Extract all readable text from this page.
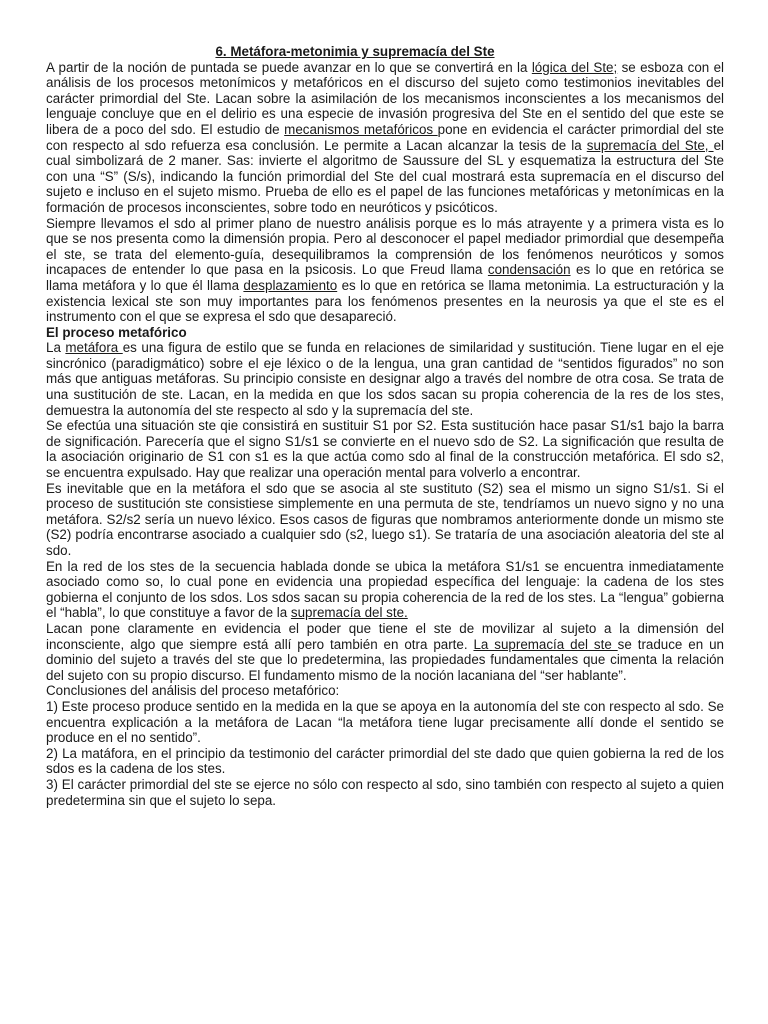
6. Metáfora-metonimia y supremacía del Ste

A partir de la noción de puntada se puede avanzar en lo que se convertirá en la lógica del Ste; se esboza con el análisis de los procesos metonímicos y metafóricos en el discurso del sujeto como testimonios inevitables del carácter primordial del Ste. Lacan sobre la asimilación de los mecanismos inconscientes a los mecanismos del lenguaje concluye que en el delirio es una especie de invasión progresiva del Ste en el sentido del que este se libera de a poco del sdo. El estudio de mecanismos metafóricos pone en evidencia el carácter primordial del ste con respecto al sdo refuerza esa conclusión. Le permite a Lacan alcanzar la tesis de la supremacía del Ste, el cual simbolizará de 2 maner. Sas: invierte el algoritmo de Saussure del SL y esquematiza la estructura del Ste con una “S” (S/s), indicando la función primordial del Ste del cual mostrará esta supremacía en el discurso del sujeto e incluso en el sujeto mismo. Prueba de ello es el papel de las funciones metafóricas y metonímicas en la formación de procesos inconscientes, sobre todo en neuróticos y psicóticos.

Siempre llevamos el sdo al primer plano de nuestro análisis porque es lo más atrayente y a primera vista es lo que se nos presenta como la dimensión propia. Pero al desconocer el papel mediador primordial que desempeña el ste, se trata del elemento-guía, desequilibramos la comprensión de los fenómenos neuróticos y somos incapaces de entender lo que pasa en la psicosis. Lo que Freud llama condensación es lo que en retórica se llama metáfora y lo que él llama desplazamiento es lo que en retórica se llama metonimia. La estructuración y la existencia lexical ste son muy importantes para los fenómenos presentes en la neurosis ya que el ste es el instrumento con el que se expresa el sdo que desapareció.

El proceso metafórico

La metáfora es una figura de estilo que se funda en relaciones de similaridad y sustitución. Tiene lugar en el eje sincrónico (paradigmático) sobre el eje léxico o de la lengua, una gran cantidad de “sentidos figurados” no son más que antiguas metáforas. Su principio consiste en designar algo a través del nombre de otra cosa. Se trata de una sustitución de ste. Lacan, en la medida en que los sdos sacan su propia coherencia de la res de los stes, demuestra la autonomía del ste respecto al sdo y la supremacía del ste.

Se efectúa una situación ste qie consistirá en sustituir S1 por S2. Esta sustitución hace pasar S1/s1 bajo la barra de significación. Parecería que el signo S1/s1 se convierte en el nuevo sdo de S2. La significación que resulta de la asociación originario de S1 con s1 es la que actúa como sdo al final de la construcción metafórica. El sdo s2, se encuentra expulsado. Hay que realizar una operación mental para volverlo a encontrar.

Es inevitable que en la metáfora el sdo que se asocia al ste sustituto (S2) sea el mismo un signo S1/s1. Si el proceso de sustitución ste consistiese simplemente en una permuta de ste, tendríamos un nuevo signo y no una metáfora. S2/s2 sería un nuevo léxico. Esos casos de figuras que nombramos anteriormente donde un mismo ste (S2) podría encontrarse asociado a cualquier sdo (s2, luego s1). Se trataría de una asociación aleatoria del ste al sdo.

En la red de los stes de la secuencia hablada donde se ubica la metáfora S1/s1 se encuentra inmediatamente asociado como so, lo cual pone en evidencia una propiedad específica del lenguaje: la cadena de los stes gobierna el conjunto de los sdos. Los sdos sacan su propia coherencia de la red de los stes. La “lengua” gobierna el “habla”, lo que constituye a favor de la supremacía del ste.

Lacan pone claramente en evidencia el poder que tiene el ste de movilizar al sujeto a la dimensión del inconsciente, algo que siempre está allí pero también en otra parte. La supremacía del ste se traduce en un dominio del sujeto a través del ste que lo predetermina, las propiedades fundamentales que cimenta la relación del sujeto con su propio discurso. El fundamento mismo de la noción lacaniana del “ser hablante”.

Conclusiones del análisis del proceso metafórico:

1) Este proceso produce sentido en la medida en la que se apoya en la autonomía del ste con respecto al sdo. Se encuentra explicación a la metáfora de Lacan “la metáfora tiene lugar precisamente allí donde el sentido se produce en el no sentido”.

2) La matáfora, en el principio da testimonio del carácter primordial del ste dado que quien gobierna la red de los sdos es la cadena de los stes.

3) El carácter primordial del ste se ejerce no sólo con respecto al sdo, sino también con respecto al sujeto a quien predetermina sin que el sujeto lo sepa.
